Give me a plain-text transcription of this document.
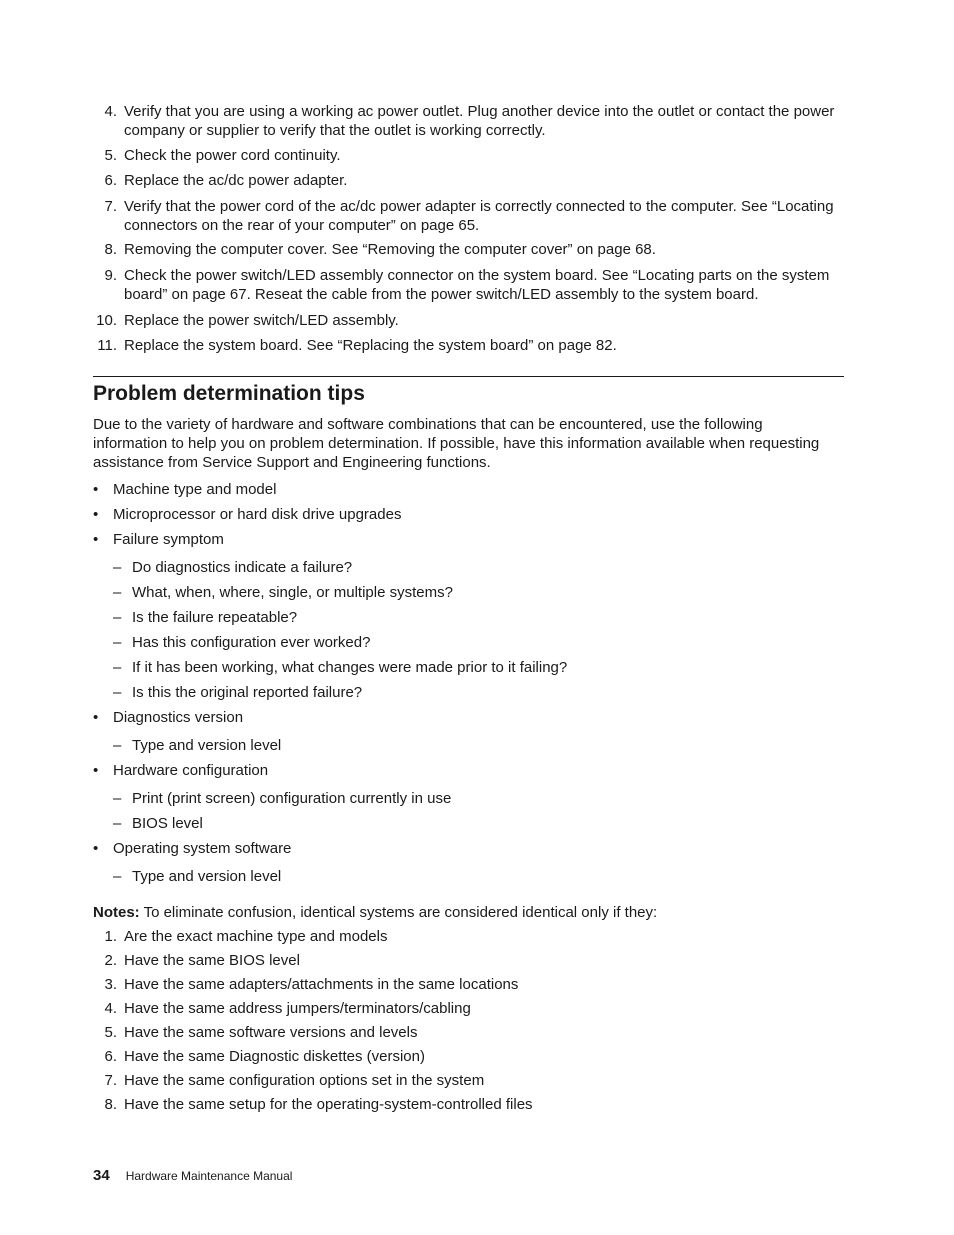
4. Verify that you are using a working ac power outlet. Plug another device into the outlet or contact the power company or supplier to verify that the outlet is working correctly.
5. Check the power cord continuity.
6. Replace the ac/dc power adapter.
7. Verify that the power cord of the ac/dc power adapter is correctly connected to the computer. See “Locating connectors on the rear of your computer” on page 65.
8. Removing the computer cover. See “Removing the computer cover” on page 68.
9. Check the power switch/LED assembly connector on the system board. See “Locating parts on the system board” on page 67. Reseat the cable from the power switch/LED assembly to the system board.
10. Replace the power switch/LED assembly.
11. Replace the system board. See “Replacing the system board” on page 82.
Problem determination tips

Due to the variety of hardware and software combinations that can be encountered, use the following information to help you on problem determination. If possible, have this information available when requesting assistance from Service Support and Engineering functions.

• Machine type and model
• Microprocessor or hard disk drive upgrades
• Failure symptom
– Do diagnostics indicate a failure?
– What, when, where, single, or multiple systems?
– Is the failure repeatable?
– Has this configuration ever worked?
– If it has been working, what changes were made prior to it failing?
– Is this the original reported failure?
• Diagnostics version
– Type and version level
• Hardware configuration
– Print (print screen) configuration currently in use
– BIOS level
• Operating system software
– Type and version level

Notes: To eliminate confusion, identical systems are considered identical only if they:

1. Are the exact machine type and models
2. Have the same BIOS level
3. Have the same adapters/attachments in the same locations
4. Have the same address jumpers/terminators/cabling
5. Have the same software versions and levels
6. Have the same Diagnostic diskettes (version)
7. Have the same configuration options set in the system
8. Have the same setup for the operating-system-controlled files
34 Hardware Maintenance Manual
